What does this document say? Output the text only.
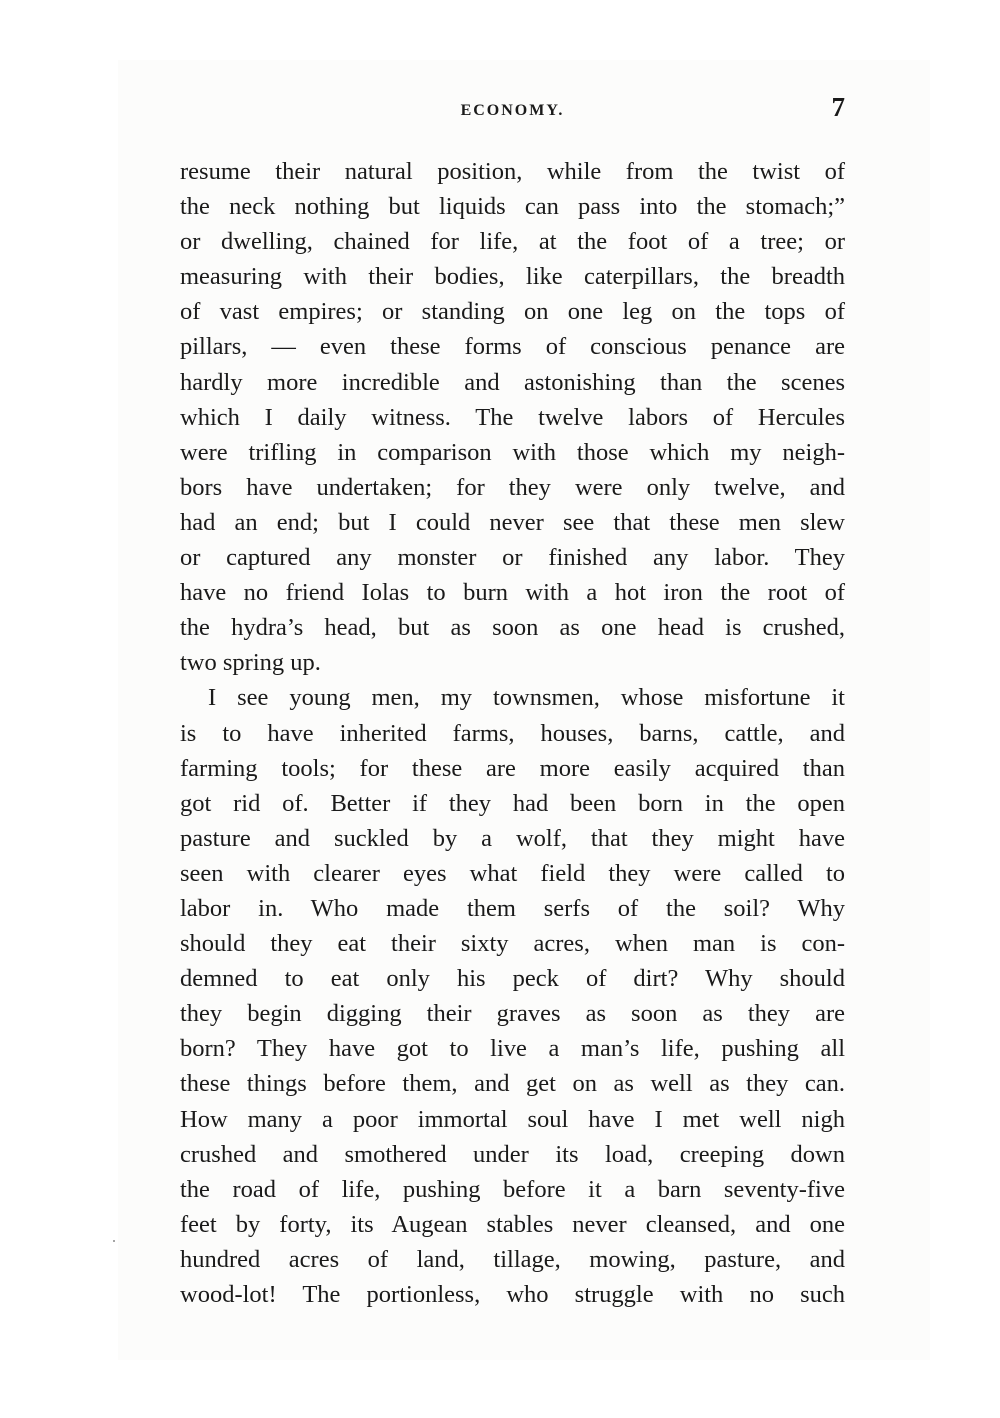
ECONOMY.	7
resume their natural position, while from the twist of
the neck nothing but liquids can pass into the stomach;”
or dwelling, chained for life, at the foot of a tree; or
measuring with their bodies, like caterpillars, the breadth
of vast empires; or standing on one leg on the tops of
pillars, — even these forms of conscious penance are
hardly more incredible and astonishing than the scenes
which I daily witness. The twelve labors of Hercules
were trifling in comparison with those which my neigh-
bors have undertaken; for they were only twelve, and
had an end; but I could never see that these men slew
or captured any monster or finished any labor. They
have no friend Iolas to burn with a hot iron the root of
the hydra’s head, but as soon as one head is crushed,
two spring up.
I see young men, my townsmen, whose misfortune it
is to have inherited farms, houses, barns, cattle, and
farming tools; for these are more easily acquired than
got rid of. Better if they had been born in the open
pasture and suckled by a wolf, that they might have
seen with clearer eyes what field they were called to
labor in. Who made them serfs of the soil? Why
should they eat their sixty acres, when man is con-
demned to eat only his peck of dirt? Why should
they begin digging their graves as soon as they are
born? They have got to live a man’s life, pushing all
these things before them, and get on as well as they can.
How many a poor immortal soul have I met well nigh
crushed and smothered under its load, creeping down
the road of life, pushing before it a barn seventy-five
feet by forty, its Augean stables never cleansed, and one
hundred acres of land, tillage, mowing, pasture, and
wood-lot! The portionless, who struggle with no such
